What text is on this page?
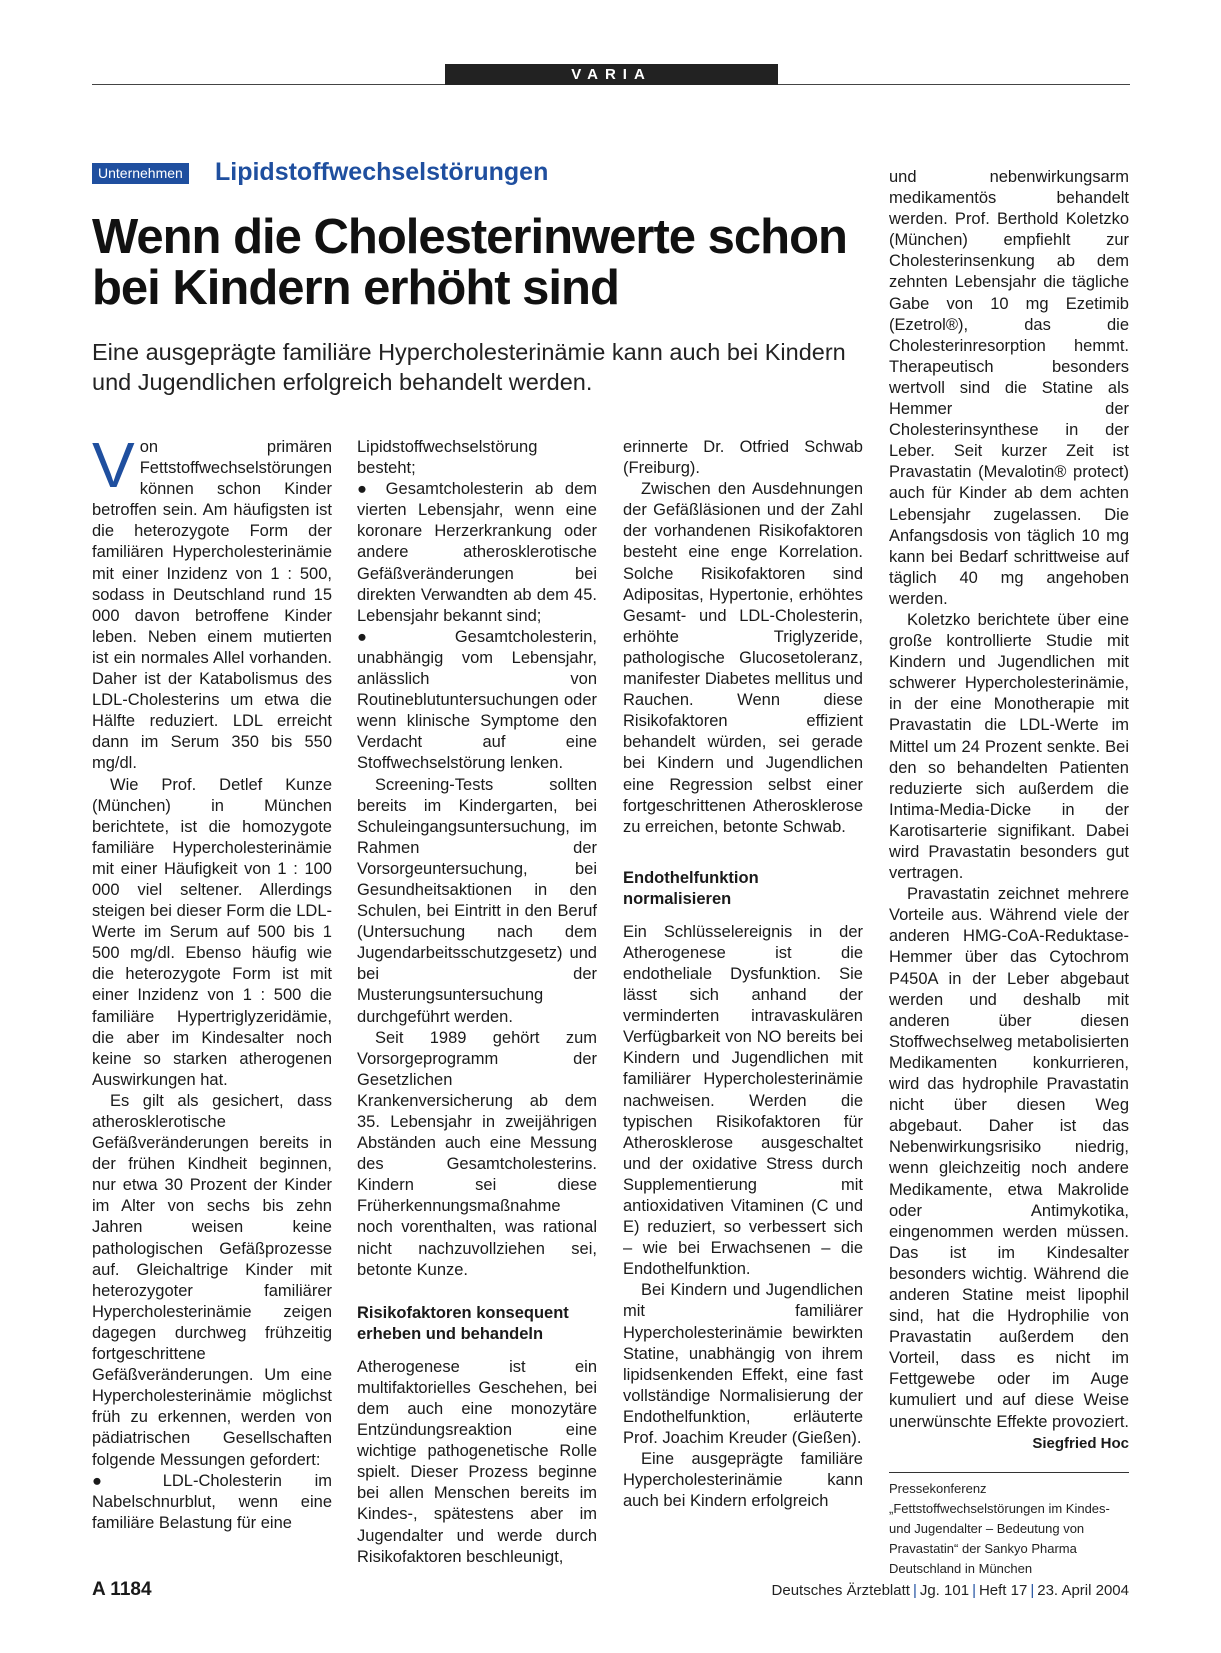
VARIA
Unternehmen Lipidstoffwechselstörungen
Wenn die Cholesterinwerte schon bei Kindern erhöht sind

Eine ausgeprägte familiäre Hypercholesterinämie kann auch bei Kindern und Jugendlichen erfolgreich behandelt werden.

Von primären Fettstoffwechselstörungen können schon Kinder betroffen sein. Am häufigsten ist die heterozygote Form der familiären Hypercholesterinämie mit einer Inzidenz von 1 : 500, sodass in Deutschland rund 15 000 davon betroffene Kinder leben. Neben einem mutierten ist ein normales Allel vorhanden. Daher ist der Katabolismus des LDL-Cholesterins um etwa die Hälfte reduziert. LDL erreicht dann im Serum 350 bis 550 mg/dl.

Wie Prof. Detlef Kunze (München) in München berichtete, ist die homozygote familiäre Hypercholesterinämie mit einer Häufigkeit von 1 : 100 000 viel seltener. Allerdings steigen bei dieser Form die LDL-Werte im Serum auf 500 bis 1 500 mg/dl. Ebenso häufig wie die heterozygote Form ist mit einer Inzidenz von 1 : 500 die familiäre Hypertriglyzeridämie, die aber im Kindesalter noch keine so starken atherogenen Auswirkungen hat.

Es gilt als gesichert, dass atherosklerotische Gefäßveränderungen bereits in der frühen Kindheit beginnen, nur etwa 30 Prozent der Kinder im Alter von sechs bis zehn Jahren weisen keine pathologischen Gefäßprozesse auf. Gleichaltrige Kinder mit heterozygoter familiärer Hypercholesterinämie zeigen dagegen durchweg frühzeitig fortgeschrittene Gefäßveränderungen. Um eine Hypercholesterinämie möglichst früh zu erkennen, werden von pädiatrischen Gesellschaften folgende Messungen gefordert:

● LDL-Cholesterin im Nabelschnurblut, wenn eine familiäre Belastung für eine

Lipidstoffwechselstörung besteht;

● Gesamtcholesterin ab dem vierten Lebensjahr, wenn eine koronare Herzerkrankung oder andere atherosklerotische Gefäßveränderungen bei direkten Verwandten ab dem 45. Lebensjahr bekannt sind;

● Gesamtcholesterin, unabhängig vom Lebensjahr, anlässlich von Routineblutuntersuchungen oder wenn klinische Symptome den Verdacht auf eine Stoffwechselstörung lenken.

Screening-Tests sollten bereits im Kindergarten, bei Schuleingangsuntersuchung, im Rahmen der Vorsorgeuntersuchung, bei Gesundheitsaktionen in den Schulen, bei Eintritt in den Beruf (Untersuchung nach dem Jugendarbeitsschutzgesetz) und bei der Musterungsuntersuchung durchgeführt werden.

Seit 1989 gehört zum Vorsorgeprogramm der Gesetzlichen Krankenversicherung ab dem 35. Lebensjahr in zweijährigen Abständen auch eine Messung des Gesamtcholesterins. Kindern sei diese Früherkennungsmaßnahme noch vorenthalten, was rational nicht nachzuvollziehen sei, betonte Kunze.

Risikofaktoren konsequent erheben und behandeln

Atherogenese ist ein multifaktorielles Geschehen, bei dem auch eine monozytäre Entzündungsreaktion eine wichtige pathogenetische Rolle spielt. Dieser Prozess beginne bei allen Menschen bereits im Kindes-, spätestens aber im Jugendalter und werde durch Risikofaktoren beschleunigt,

erinnerte Dr. Otfried Schwab (Freiburg).

Zwischen den Ausdehnungen der Gefäßläsionen und der Zahl der vorhandenen Risikofaktoren besteht eine enge Korrelation. Solche Risikofaktoren sind Adipositas, Hypertonie, erhöhtes Gesamt- und LDL-Cholesterin, erhöhte Triglyzeride, pathologische Glucosetoleranz, manifester Diabetes mellitus und Rauchen. Wenn diese Risikofaktoren effizient behandelt würden, sei gerade bei Kindern und Jugendlichen eine Regression selbst einer fortgeschrittenen Atherosklerose zu erreichen, betonte Schwab.

Endothelfunktion normalisieren

Ein Schlüsselereignis in der Atherogenese ist die endotheliale Dysfunktion. Sie lässt sich anhand der verminderten intravaskulären Verfügbarkeit von NO bereits bei Kindern und Jugendlichen mit familiärer Hypercholesterinämie nachweisen. Werden die typischen Risikofaktoren für Atherosklerose ausgeschaltet und der oxidative Stress durch Supplementierung mit antioxidativen Vitaminen (C und E) reduziert, so verbessert sich – wie bei Erwachsenen – die Endothelfunktion.

Bei Kindern und Jugendlichen mit familiärer Hypercholesterinämie bewirkten Statine, unabhängig von ihrem lipidsenkenden Effekt, eine fast vollständige Normalisierung der Endothelfunktion, erläuterte Prof. Joachim Kreuder (Gießen).

Eine ausgeprägte familiäre Hypercholesterinämie kann auch bei Kindern erfolgreich

und nebenwirkungsarm medikamentös behandelt werden. Prof. Berthold Koletzko (München) empfiehlt zur Cholesterinsenkung ab dem zehnten Lebensjahr die tägliche Gabe von 10 mg Ezetimib (Ezetrol®), das die Cholesterinresorption hemmt. Therapeutisch besonders wertvoll sind die Statine als Hemmer der Cholesterinsynthese in der Leber. Seit kurzer Zeit ist Pravastatin (Mevalotin® protect) auch für Kinder ab dem achten Lebensjahr zugelassen. Die Anfangsdosis von täglich 10 mg kann bei Bedarf schrittweise auf täglich 40 mg angehoben werden.

Koletzko berichtete über eine große kontrollierte Studie mit Kindern und Jugendlichen mit schwerer Hypercholesterinämie, in der eine Monotherapie mit Pravastatin die LDL-Werte im Mittel um 24 Prozent senkte. Bei den so behandelten Patienten reduzierte sich außerdem die Intima-Media-Dicke in der Karotisarterie signifikant. Dabei wird Pravastatin besonders gut vertragen.

Pravastatin zeichnet mehrere Vorteile aus. Während viele der anderen HMG-CoA-Reduktase-Hemmer über das Cytochrom P450A in der Leber abgebaut werden und deshalb mit anderen über diesen Stoffwechselweg metabolisierten Medikamenten konkurrieren, wird das hydrophile Pravastatin nicht über diesen Weg abgebaut. Daher ist das Nebenwirkungsrisiko niedrig, wenn gleichzeitig noch andere Medikamente, etwa Makrolide oder Antimykotika, eingenommen werden müssen. Das ist im Kindesalter besonders wichtig. Während die anderen Statine meist lipophil sind, hat die Hydrophilie von Pravastatin außerdem den Vorteil, dass es nicht im Fettgewebe oder im Auge kumuliert und auf diese Weise unerwünschte Effekte provoziert.
Siegfried Hoc

Pressekonferenz „Fettstoffwechselstörungen im Kindes- und Jugendalter – Bedeutung von Pravastatin“ der Sankyo Pharma Deutschland in München
A 1184	Deutsches Ärzteblatt | Jg. 101 | Heft 17 | 23. April 2004
